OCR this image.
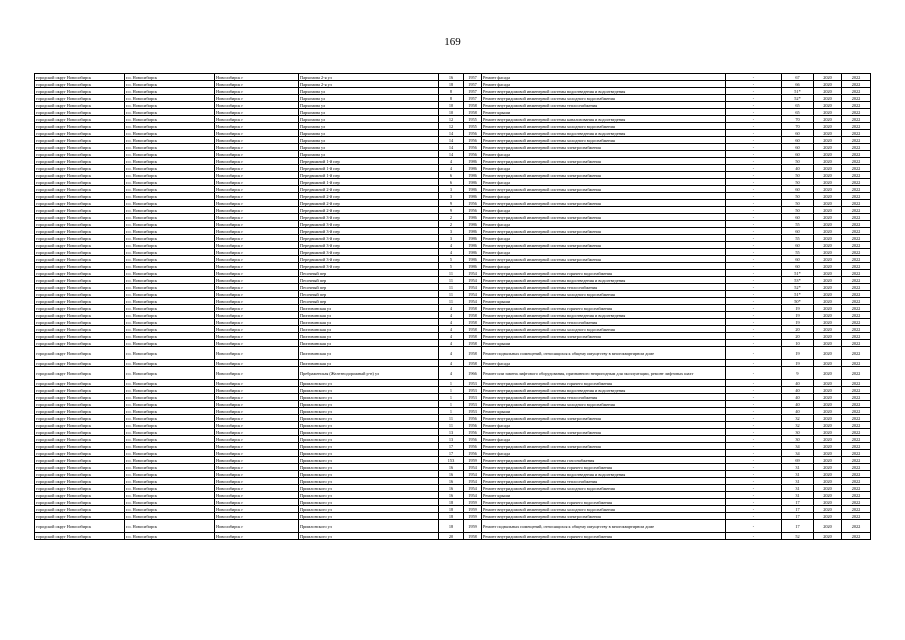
169
городской округ Новосибирск	г.о. Новосибирск	Новосибирск г	Пархомова 2-я ул	16	1957	Ремонт фасада	-	67	2020	2022
городской округ Новосибирск	г.о. Новосибирск	Новосибирск г	Пархомова 2-я ул	18	1957	Ремонт фасада	-	66	2020	2022
городской округ Новосибирск	г.о. Новосибирск	Новосибирск г	Пархомова ул	8	1957	Ремонт внутридомовой инженерной системы водоотведения и водоотведения	-	51*	2020	2022
городской округ Новосибирск	г.о. Новосибирск	Новосибирск г	Пархомова ул	8	1957	Ремонт внутридомовой инженерной системы холодного водоснабжения	-	52*	2020	2022
городской округ Новосибирск	г.о. Новосибирск	Новосибирск г	Пархомова ул	10	1958	Ремонт внутридомовой инженерной системы теплоснабжения	-	65	2020	2022
городской округ Новосибирск	г.о. Новосибирск	Новосибирск г	Пархомова ул	10	1958	Ремонт крыши	-	65	2020	2022
городской округ Новосибирск	г.о. Новосибирск	Новосибирск г	Пархомова ул	12	1955	Ремонт внутридомовой инженерной системы канализования и водоотведения	-	70	2020	2022
городской округ Новосибирск	г.о. Новосибирск	Новосибирск г	Пархомова ул	12	1955	Ремонт внутридомовой инженерной системы холодного водоснабжения	-	70	2020	2022
городской округ Новосибирск	г.о. Новосибирск	Новосибирск г	Пархомова ул	14	1956	Ремонт внутридомовой инженерной системы водоотведения и водоотведения	-	60	2020	2022
городской округ Новосибирск	г.о. Новосибирск	Новосибирск г	Пархомова ул	14	1956	Ремонт внутридомовой инженерной системы холодного водоснабжения	-	60	2020	2022
городской округ Новосибирск	г.о. Новосибирск	Новосибирск г	Пархомова ул	14	1956	Ремонт внутридомовой инженерной системы электроснабжения	-	60	2020	2022
городской округ Новосибирск	г.о. Новосибирск	Новосибирск г	Пархомова ул	14	1956	Ремонт фасада	-	60	2020	2022
городской округ Новосибирск	г.о. Новосибирск	Новосибирск г	Передвижной 1-й пер	4	1986	Ремонт внутридомовой инженерной системы электроснабжения	-	50	2020	2022
городской округ Новосибирск	г.о. Новосибирск	Новосибирск г	Передвижной 1-й пер	4	1986	Ремонт фасада	-	40	2020	2022
городской округ Новосибирск	г.о. Новосибирск	Новосибирск г	Передвижной 1-й пер	6	1986	Ремонт внутридомовой инженерной системы электроснабжения	-	50	2020	2022
городской округ Новосибирск	г.о. Новосибирск	Новосибирск г	Передвижной 1-й пер	6	1986	Ремонт фасада	-	50	2020	2022
городской округ Новосибирск	г.о. Новосибирск	Новосибирск г	Передвижной 2-й пер	3	1986	Ремонт внутридомовой инженерной системы электроснабжения	-	60	2020	2022
городской округ Новосибирск	г.о. Новосибирск	Новосибирск г	Передвижной 2-й пер	3	1986	Ремонт фасада	-	50	2020	2022
городской округ Новосибирск	г.о. Новосибирск	Новосибирск г	Передвижной 2-й пер	9	1956	Ремонт внутридомовой инженерной системы электроснабжения	-	50	2020	2022
городской округ Новосибирск	г.о. Новосибирск	Новосибирск г	Передвижной 2-й пер	9	1956	Ремонт фасада	-	50	2020	2022
городской округ Новосибирск	г.о. Новосибирск	Новосибирск г	Передвижной 3-й пер	2	1986	Ремонт внутридомовой инженерной системы электроснабжения	-	60	2020	2022
городской округ Новосибирск	г.о. Новосибирск	Новосибирск г	Передвижной 3-й пер	2	1986	Ремонт фасада	-	55	2020	2022
городской округ Новосибирск	г.о. Новосибирск	Новосибирск г	Передвижной 3-й пер	3	1986	Ремонт внутридомовой инженерной системы электроснабжения	-	60	2020	2022
городской округ Новосибирск	г.о. Новосибирск	Новосибирск г	Передвижной 3-й пер	3	1986	Ремонт фасада	-	55	2020	2022
городской округ Новосибирск	г.о. Новосибирск	Новосибирск г	Передвижной 3-й пер	4	1986	Ремонт внутридомовой инженерной системы электроснабжения	-	60	2020	2022
городской округ Новосибирск	г.о. Новосибирск	Новосибирск г	Передвижной 3-й пер	4	1986	Ремонт фасада	-	55	2020	2022
городской округ Новосибирск	г.о. Новосибирск	Новосибирск г	Передвижной 3-й пер	5	1986	Ремонт внутридомовой инженерной системы электроснабжения	-	60	2020	2022
городской округ Новосибирск	г.о. Новосибирск	Новосибирск г	Передвижной 3-й пер	5	1986	Ремонт фасада	-	60	2020	2022
городской округ Новосибирск	г.о. Новосибирск	Новосибирск г	Песочный пер	11	1954	Ремонт внутридомовой инженерной системы горячего водоснабжения	-	51*	2020	2022
городской округ Новосибирск	г.о. Новосибирск	Новосибирск г	Песочный пер	11	1954	Ремонт внутридомовой инженерной системы водоотведения и водоотведения	-	53*	2020	2022
городской округ Новосибирск	г.о. Новосибирск	Новосибирск г	Песочный пер	11	1954	Ремонт внутридомовой инженерной системы теплоснабжения	-	52*	2020	2022
городской округ Новосибирск	г.о. Новосибирск	Новосибирск г	Песочный пер	11	1954	Ремонт внутридомовой инженерной системы холодного водоснабжения	-	51*	2020	2022
городской округ Новосибирск	г.о. Новосибирск	Новосибирск г	Песочный пер	11	1954	Ремонт крыши	-	50*	2020	2022
городской округ Новосибирск	г.о. Новосибирск	Новосибирск г	Пихтовинская ул	4	1958	Ремонт внутридомовой инженерной системы горячего водоснабжения	-	19	2020	2022
городской округ Новосибирск	г.о. Новосибирск	Новосибирск г	Пихтовинская ул	4	1958	Ремонт внутридомовой инженерной системы водоотведения и водоотведения	-	19	2020	2022
городской округ Новосибирск	г.о. Новосибирск	Новосибирск г	Пихтовинская ул	4	1958	Ремонт внутридомовой инженерной системы теплоснабжения	-	19	2020	2022
городской округ Новосибирск	г.о. Новосибирск	Новосибирск г	Пихтовинская ул	4	1958	Ремонт внутридомовой инженерной системы холодного водоснабжения	-	20	2020	2022
городской округ Новосибирск	г.о. Новосибирск	Новосибирск г	Пихтовинская ул	4	1958	Ремонт внутридомовой инженерной системы электроснабжения	-	20	2020	2022
городской округ Новосибирск	г.о. Новосибирск	Новосибирск г	Пихтовинская ул	4	1958	Ремонт крыши	-	10	2020	2022
городской округ Новосибирск	г.о. Новосибирск	Новосибирск г	Пихтовинская ул	4	1958	Ремонт подвальных помещений, относящихся к общему имуществу в многоквартирном доме	-	19	2020	2022
городской округ Новосибирск	г.о. Новосибирск	Новосибирск г	Пихтовинская ул	4	1958	Ремонт фасада	-	19	2020	2022
городской округ Новосибирск	г.о. Новосибирск	Новосибирск г	Пребраженская (Железнодорожный р-н) ул	4	1966	Ремонт или замена лифтового оборудования, признанного непригодным для эксплуатации, ремонт лифтовых шахт	-	9	2020	2022
городской округ Новосибирск	г.о. Новосибирск	Новосибирск г	Примлонского ул	1	1953	Ремонт внутридомовой инженерной системы горячего водоснабжения	-	40	2020	2022
городской округ Новосибирск	г.о. Новосибирск	Новосибирск г	Примлонского ул	1	1953	Ремонт внутридомовой инженерной системы водоотведения и водоотведения	-	40	2020	2022
городской округ Новосибирск	г.о. Новосибирск	Новосибирск г	Примлонского ул	1	1953	Ремонт внутридомовой инженерной системы теплоснабжения	-	40	2020	2022
городской округ Новосибирск	г.о. Новосибирск	Новосибирск г	Примлонского ул	1	1953	Ремонт внутридомовой инженерной системы холодного водоснабжения	-	40	2020	2022
городской округ Новосибирск	г.о. Новосибирск	Новосибирск г	Примлонского ул	1	1953	Ремонт крыши	-	40	2020	2022
городской округ Новосибирск	г.о. Новосибирск	Новосибирск г	Примлонского ул	11	1956	Ремонт внутридомовой инженерной системы электроснабжения	-	32	2020	2022
городской округ Новосибирск	г.о. Новосибирск	Новосибирск г	Примлонского ул	11	1956	Ремонт фасада	-	32	2020	2022
городской округ Новосибирск	г.о. Новосибирск	Новосибирск г	Примлонского ул	13	1956	Ремонт внутридомовой инженерной системы электроснабжения	-	30	2020	2022
городской округ Новосибирск	г.о. Новосибирск	Новосибирск г	Примлонского ул	13	1956	Ремонт фасада	-	30	2020	2022
городской округ Новосибирск	г.о. Новосибирск	Новосибирск г	Примлонского ул	17	1956	Ремонт внутридомовой инженерной системы электроснабжения	-	34	2020	2022
городской округ Новосибирск	г.о. Новосибирск	Новосибирск г	Примлонского ул	17	1956	Ремонт фасада	-	34	2020	2022
городской округ Новосибирск	г.о. Новосибирск	Новосибирск г	Примлонского ул	153	1959	Ремонт внутридомовой инженерной системы газоснабжения	-	69	2020	2022
городской округ Новосибирск	г.о. Новосибирск	Новосибирск г	Примлонского ул	16	1954	Ремонт внутридомовой инженерной системы горячего водоснабжения	-	31	2020	2022
городской округ Новосибирск	г.о. Новосибирск	Новосибирск г	Примлонского ул	16	1954	Ремонт внутридомовой инженерной системы водоотведения и водоотведения	-	31	2020	2022
городской округ Новосибирск	г.о. Новосибирск	Новосибирск г	Примлонского ул	16	1954	Ремонт внутридомовой инженерной системы теплоснабжения	-	31	2020	2022
городской округ Новосибирск	г.о. Новосибирск	Новосибирск г	Примлонского ул	16	1954	Ремонт внутридомовой инженерной системы холодного водоснабжения	-	31	2020	2022
городской округ Новосибирск	г.о. Новосибирск	Новосибирск г	Примлонского ул	16	1954	Ремонт крыши	-	31	2020	2022
городской округ Новосибирск	г.о. Новосибирск	Новосибирск г	Примлонского ул	18	1959	Ремонт внутридомовой инженерной системы горячего водоснабжения	-	17	2020	2022
городской округ Новосибирск	г.о. Новосибирск	Новосибирск г	Примлонского ул	18	1959	Ремонт внутридомовой инженерной системы холодного водоснабжения	-	17	2020	2022
городской округ Новосибирск	г.о. Новосибирск	Новосибирск г	Примлонского ул	18	1959	Ремонт внутридомовой инженерной системы электроснабжения	-	17	2020	2022
городской округ Новосибирск	г.о. Новосибирск	Новосибирск г	Примлонского ул	18	1959	Ремонт подвальных помещений, относящихся к общему имуществу в многоквартирном доме	-	17	2020	2022
городской округ Новосибирск	г.о. Новосибирск	Новосибирск г	Примлонского ул	20	1958	Ремонт внутридомовой инженерной системы горячего водоснабжения	-	52	2020	2022
